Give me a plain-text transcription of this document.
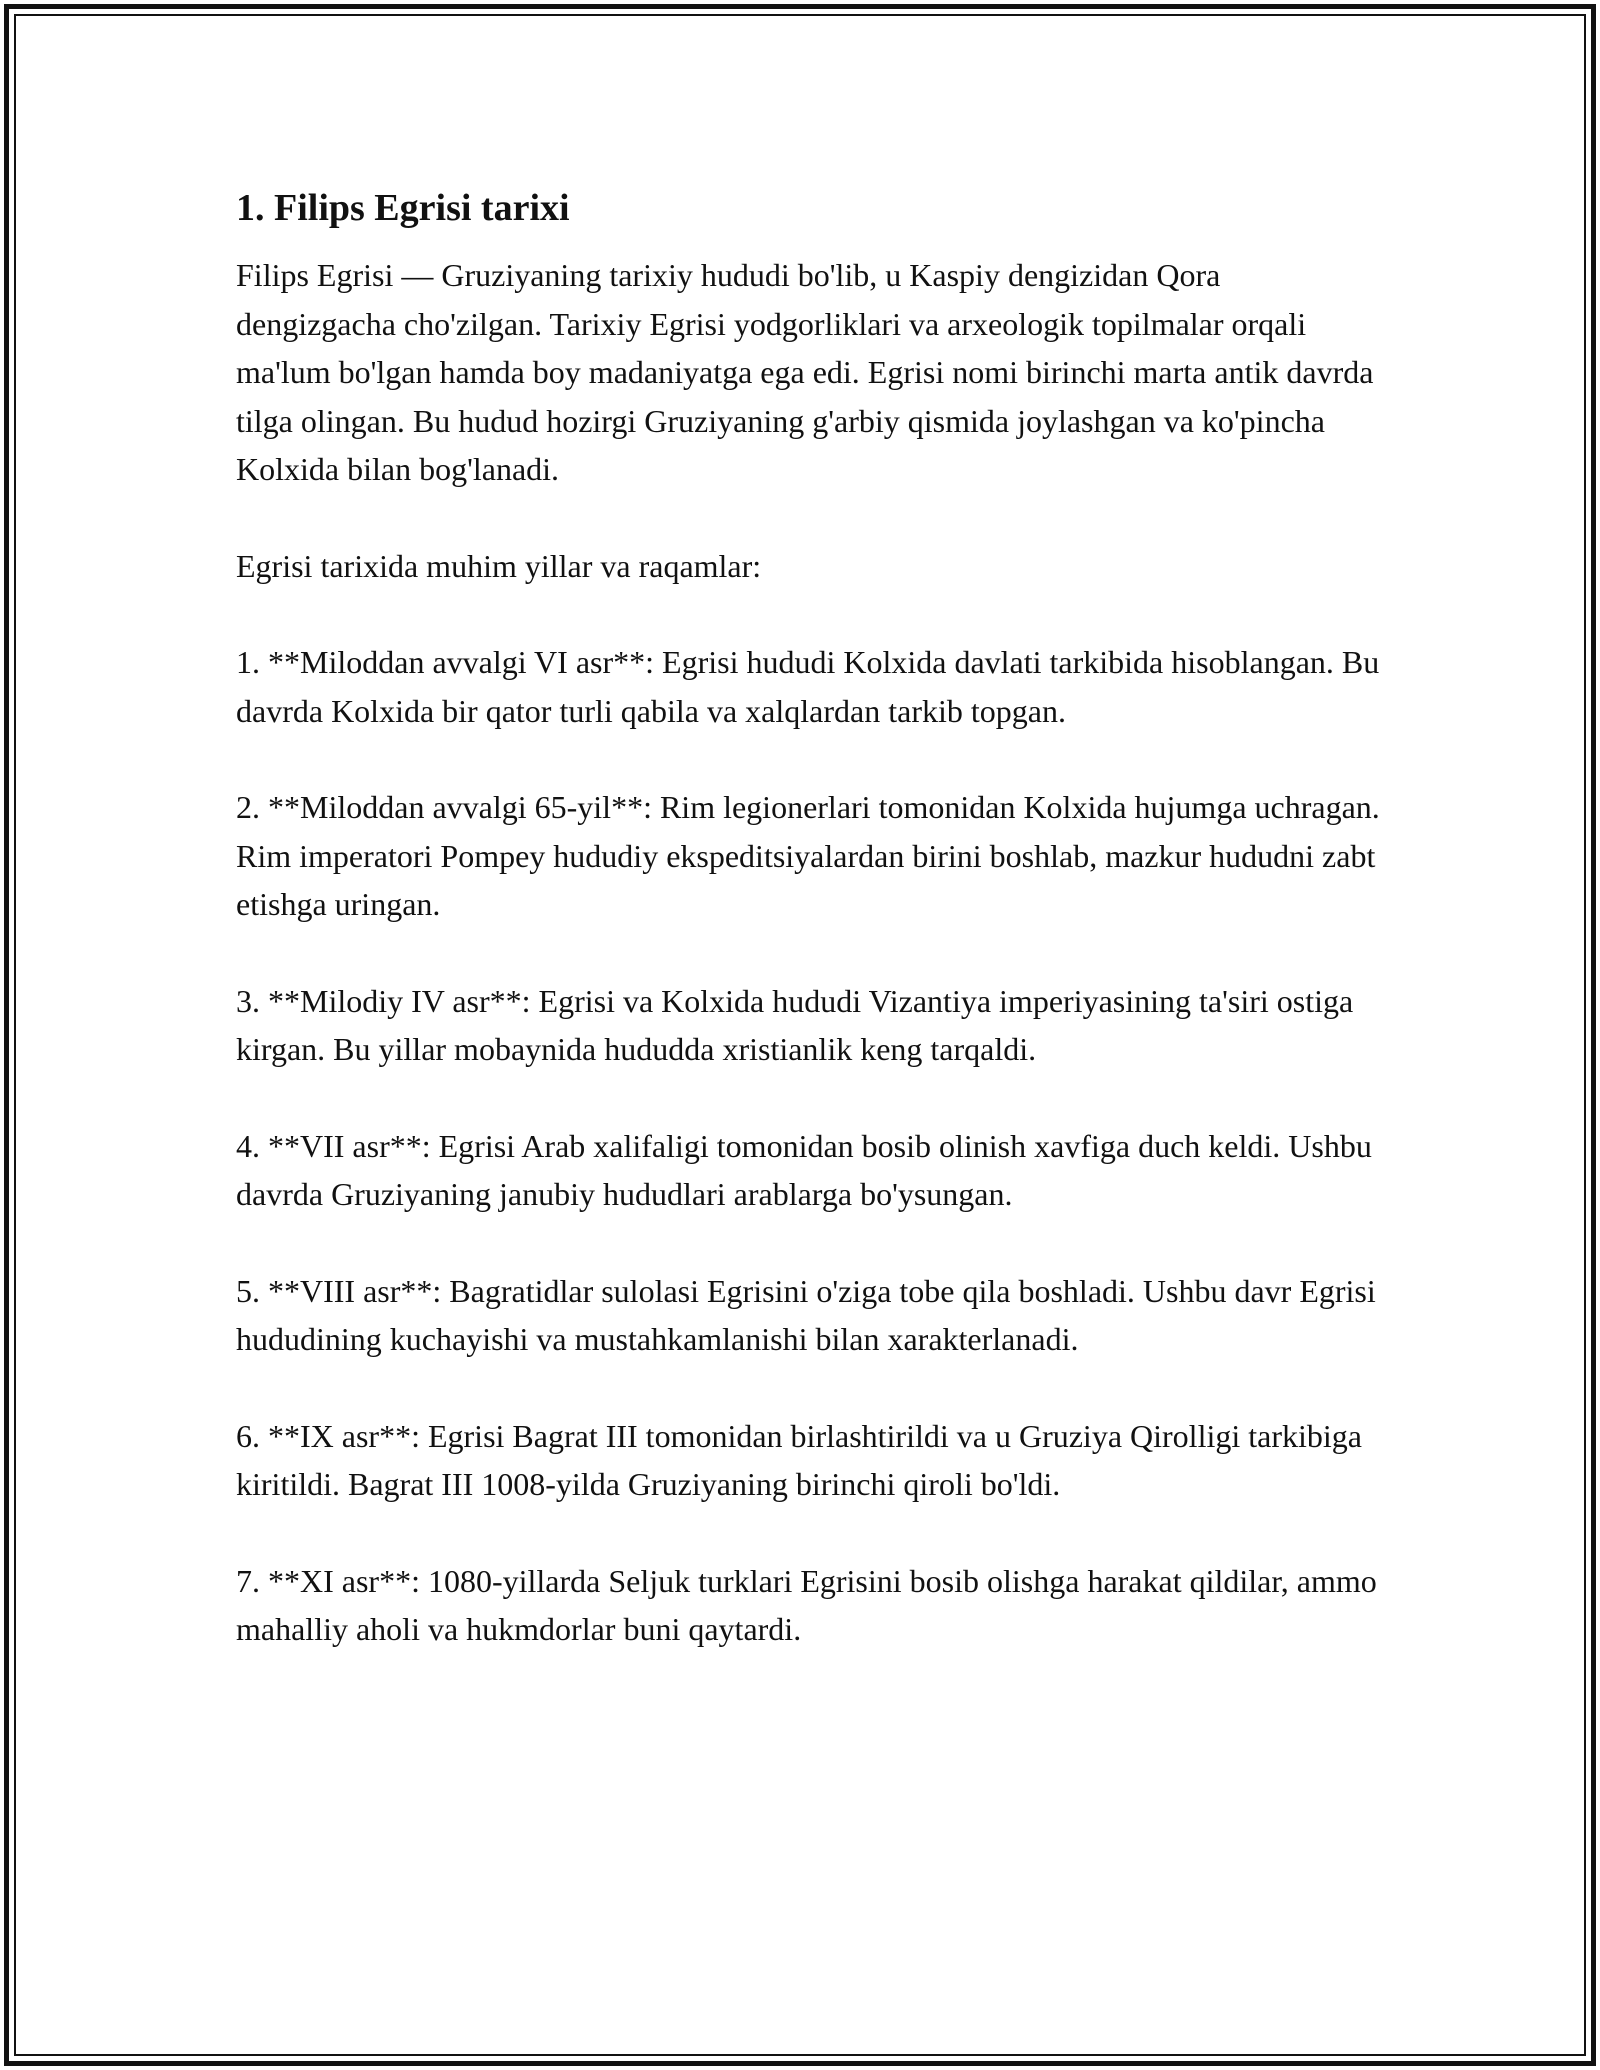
1. Filips Egrisi tarixi

Filips Egrisi — Gruziyaning tarixiy hududi bo'lib, u Kaspiy dengizidan Qora dengizgacha cho'zilgan. Tarixiy Egrisi yodgorliklari va arxeologik topilmalar orqali ma'lum bo'lgan hamda boy madaniyatga ega edi. Egrisi nomi birinchi marta antik davrda tilga olingan. Bu hudud hozirgi Gruziyaning g'arbiy qismida joylashgan va ko'pincha Kolxida bilan bog'lanadi.

Egrisi tarixida muhim yillar va raqamlar:

1. **Miloddan avvalgi VI asr**: Egrisi hududi Kolxida davlati tarkibida hisoblangan. Bu davrda Kolxida bir qator turli qabila va xalqlardan tarkib topgan.

2. **Miloddan avvalgi 65-yil**: Rim legionerlari tomonidan Kolxida hujumga uchragan. Rim imperatori Pompey hududiy ekspeditsiyalardan birini boshlab, mazkur hududni zabt etishga uringan.

3. **Milodiy IV asr**: Egrisi va Kolxida hududi Vizantiya imperiyasining ta'siri ostiga kirgan. Bu yillar mobaynida hududda xristianlik keng tarqaldi.

4. **VII asr**: Egrisi Arab xalifaligi tomonidan bosib olinish xavfiga duch keldi. Ushbu davrda Gruziyaning janubiy hududlari arablarga bo'ysungan.

5. **VIII asr**: Bagratidlar sulolasi Egrisini o'ziga tobe qila boshladi. Ushbu davr Egrisi hududining kuchayishi va mustahkamlanishi bilan xarakterlanadi.

6. **IX asr**: Egrisi Bagrat III tomonidan birlashtirildi va u Gruziya Qirolligi tarkibiga kiritildi. Bagrat III 1008-yilda Gruziyaning birinchi qiroli bo'ldi.

7. **XI asr**: 1080-yillarda Seljuk turklari Egrisini bosib olishga harakat qildilar, ammo mahalliy aholi va hukmdorlar buni qaytardi.
